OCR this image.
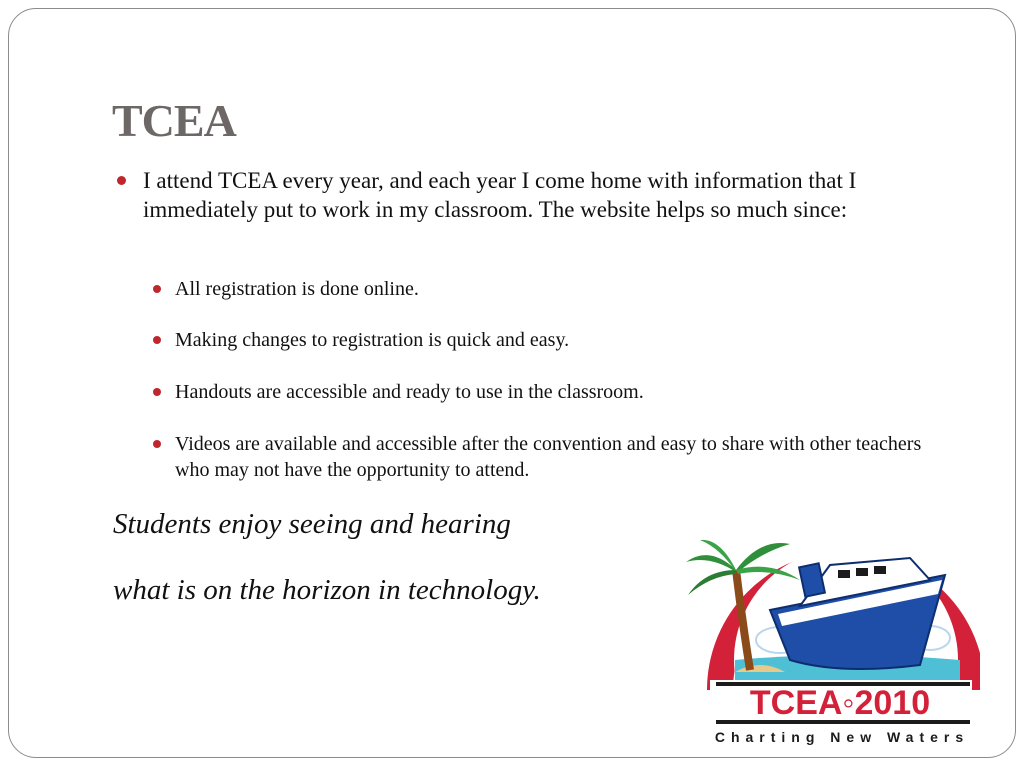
TCEA
I attend TCEA every year, and each year I come home with information that I immediately put to work in my classroom. The website helps so much since:
All registration is done online.
Making changes to registration is quick and easy.
Handouts are accessible and ready to use in the classroom.
Videos are available and accessible after the convention and easy to share with other teachers who may not have the opportunity to attend.
Students enjoy seeing and hearing
what is on the horizon in technology.
30th Anniversary
TCEA◦2010
Charting New Waters
